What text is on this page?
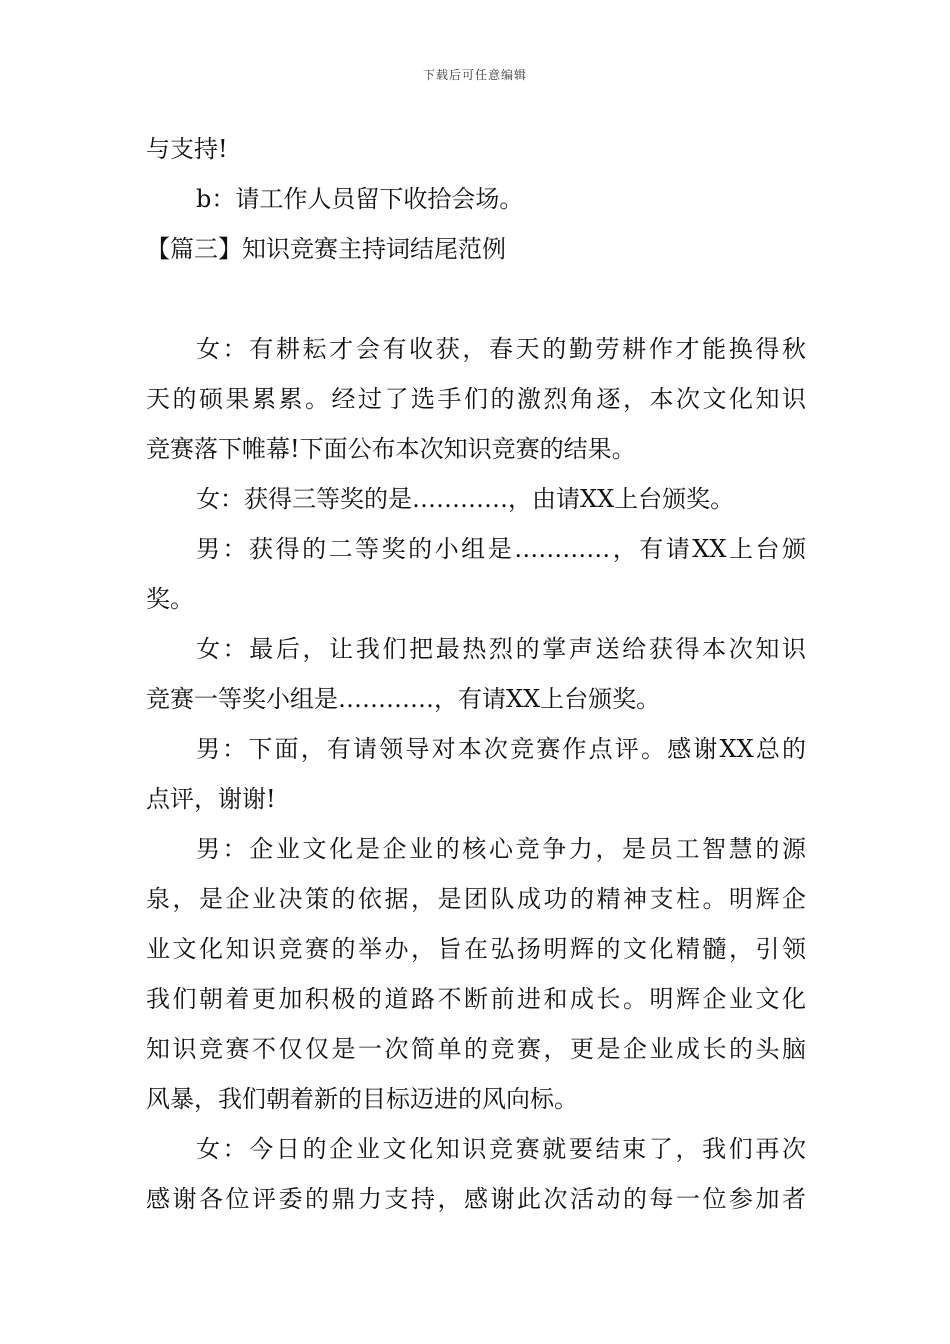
下载后可任意编辑
与支持!
b：请工作人员留下收拾会场。
【篇三】知识竞赛主持词结尾范例
女：有耕耘才会有收获，春天的勤劳耕作才能换得秋
天的硕果累累。经过了选手们的激烈角逐，本次文化知识
竞赛落下帷幕!下面公布本次知识竞赛的结果。
女：获得三等奖的是…………，由请XX上台颁奖。
男：获得的二等奖的小组是…………，有请XX上台颁
奖。
女：最后，让我们把最热烈的掌声送给获得本次知识
竞赛一等奖小组是…………，有请XX上台颁奖。
男：下面，有请领导对本次竞赛作点评。感谢XX总的
点评，谢谢!
男：企业文化是企业的核心竞争力，是员工智慧的源
泉，是企业决策的依据，是团队成功的精神支柱。明辉企
业文化知识竞赛的举办，旨在弘扬明辉的文化精髓，引领
我们朝着更加积极的道路不断前进和成长。明辉企业文化
知识竞赛不仅仅是一次简单的竞赛，更是企业成长的头脑
风暴，我们朝着新的目标迈进的风向标。
女：今日的企业文化知识竞赛就要结束了，我们再次
感谢各位评委的鼎力支持，感谢此次活动的每一位参加者
